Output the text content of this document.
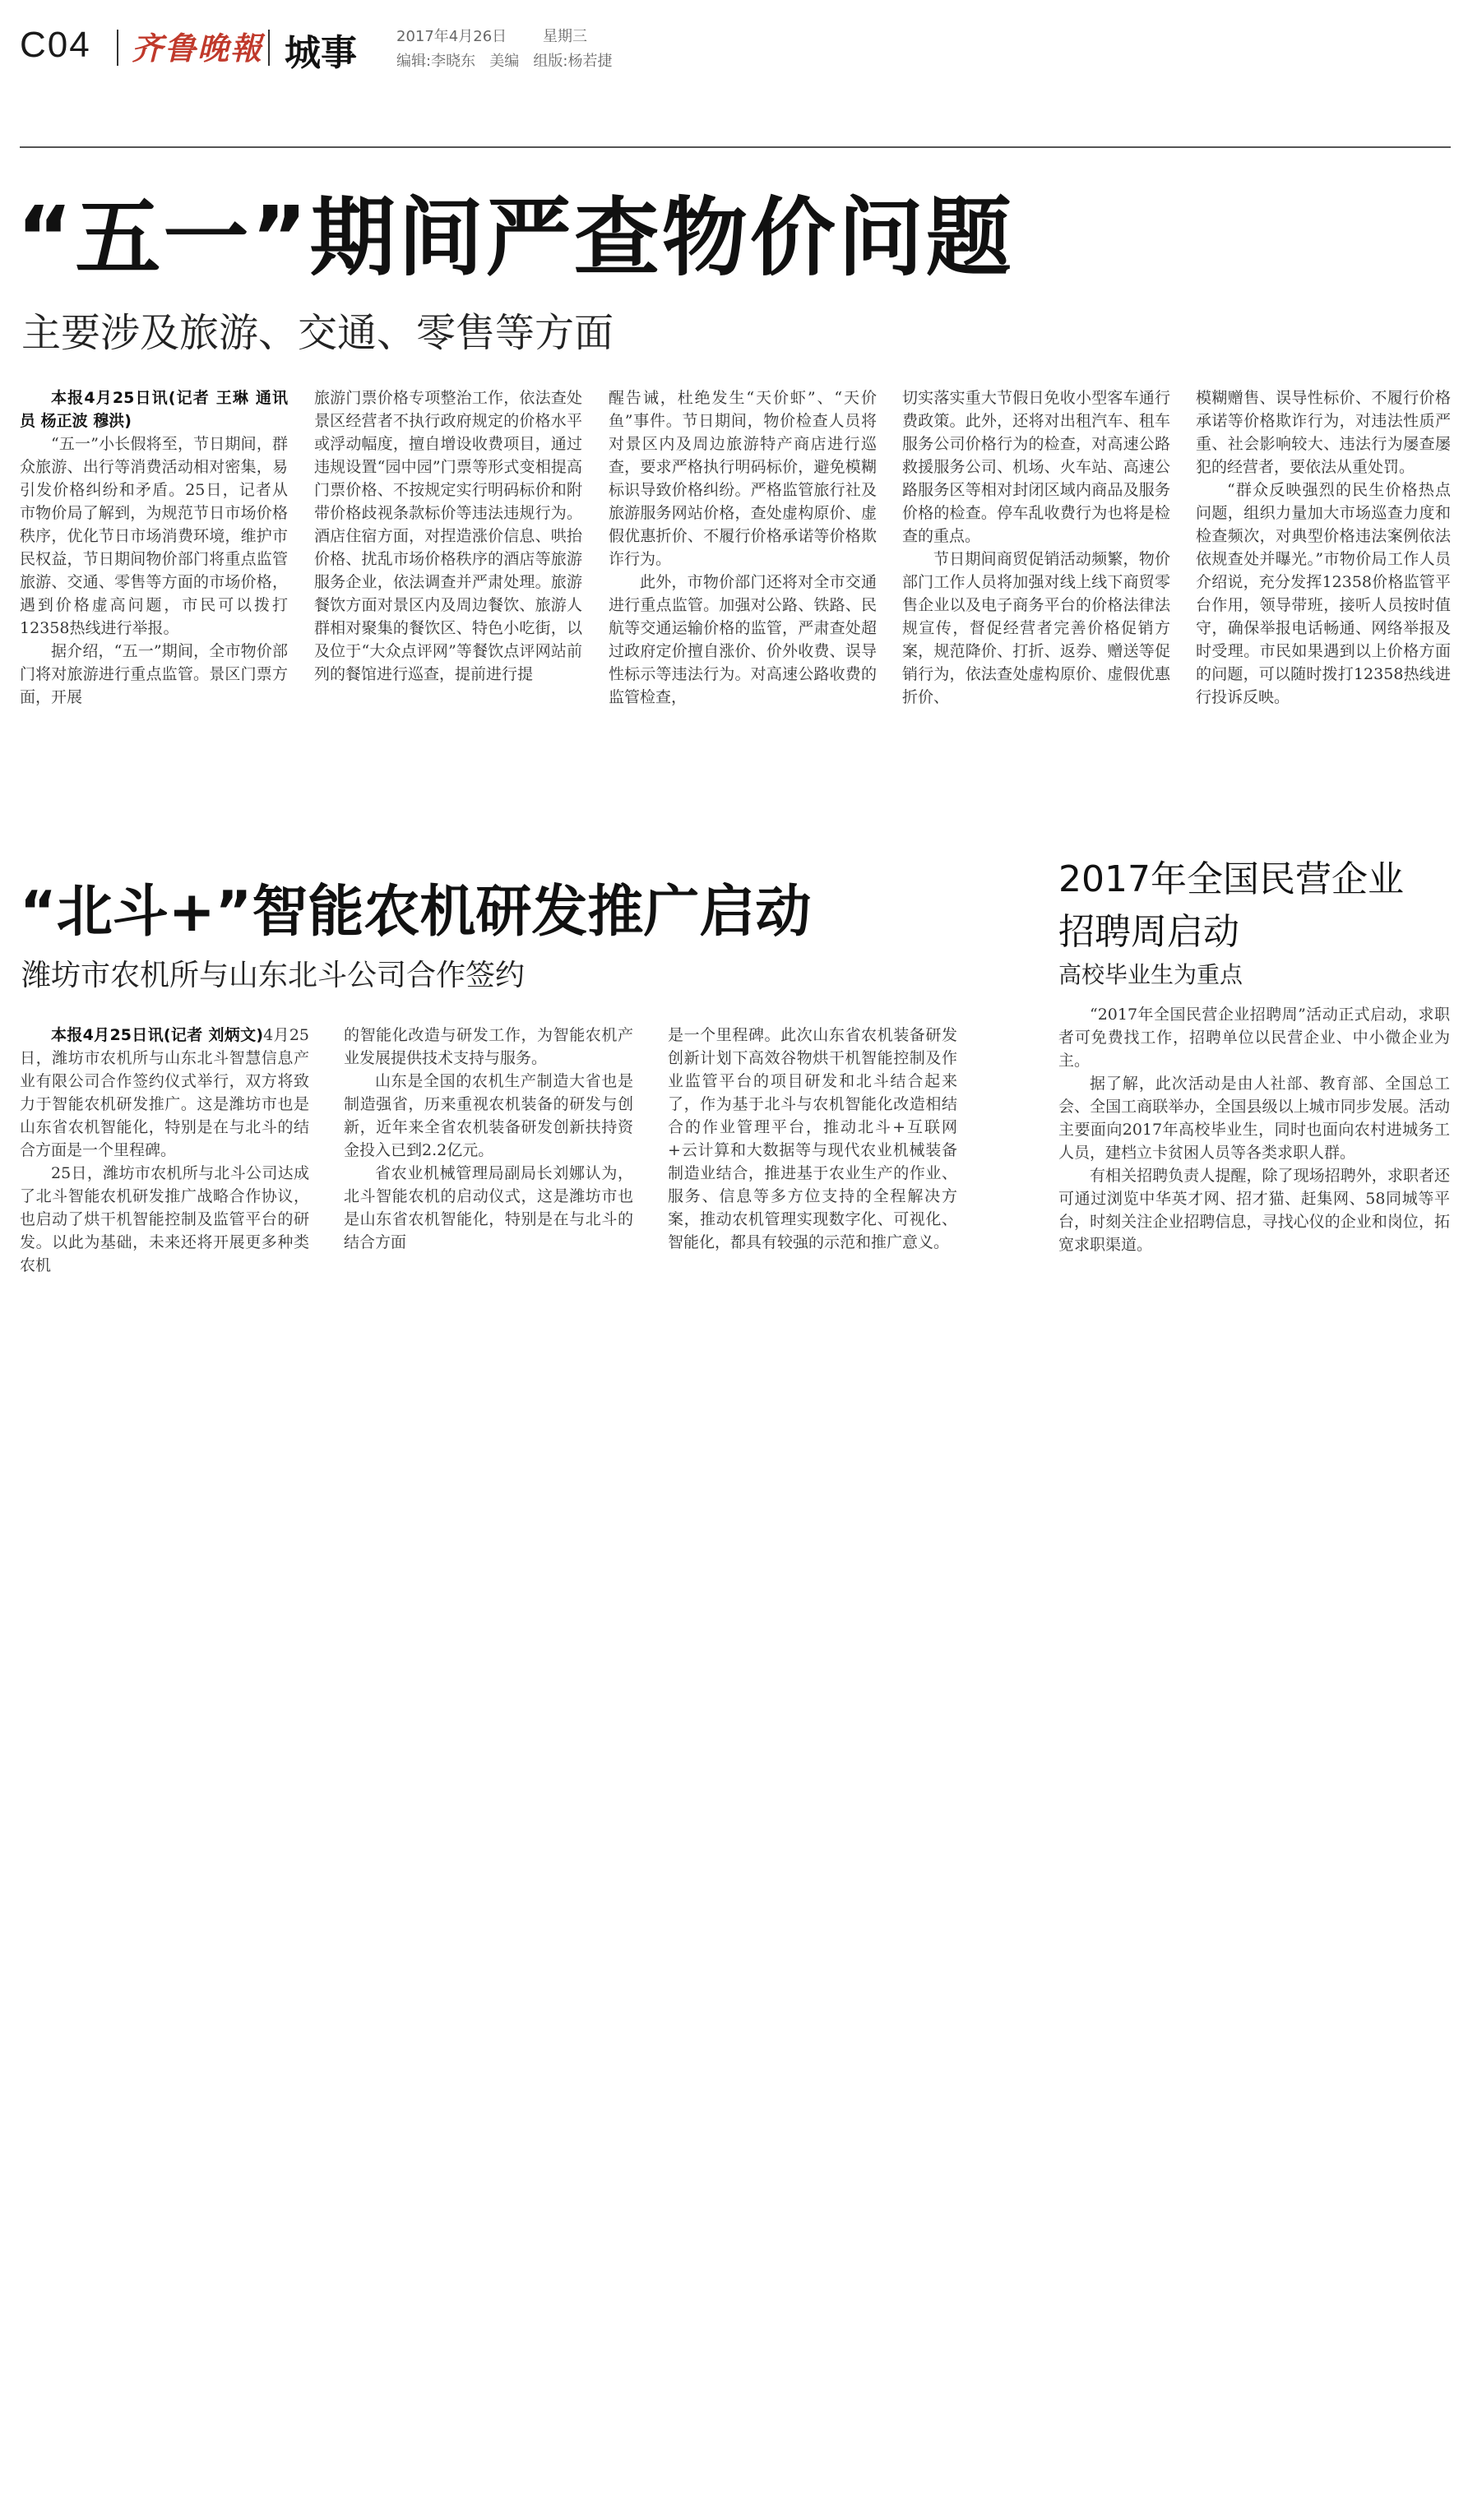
C04 齐鲁晚報 城事	2017年4月26日 星期三
编辑:李晓东   美编   组版:杨若捷
“五一”期间严查物价问题
主要涉及旅游、交通、零售等方面

本报4月25日讯(记者 王琳 通讯员 杨正波 穆洪)

“五一”小长假将至，节日期间，群众旅游、出行等消费活动相对密集，易引发价格纠纷和矛盾。25日，记者从市物价局了解到，为规范节日市场价格秩序，优化节日市场消费环境，维护市民权益，节日期间物价部门将重点监管旅游、交通、零售等方面的市场价格，遇到价格虚高问题，市民可以拨打12358热线进行举报。

据介绍，“五一”期间，全市物价部门将对旅游进行重点监管。景区门票方面，开展

旅游门票价格专项整治工作，依法查处景区经营者不执行政府规定的价格水平或浮动幅度，擅自增设收费项目，通过违规设置“园中园”门票等形式变相提高门票价格、不按规定实行明码标价和附带价格歧视条款标价等违法违规行为。酒店住宿方面，对捏造涨价信息、哄抬价格、扰乱市场价格秩序的酒店等旅游服务企业，依法调查并严肃处理。旅游餐饮方面对景区内及周边餐饮、旅游人群相对聚集的餐饮区、特色小吃街，以及位于“大众点评网”等餐饮点评网站前列的餐馆进行巡查，提前进行提

醒告诫，杜绝发生“天价虾”、“天价鱼”事件。节日期间，物价检查人员将对景区内及周边旅游特产商店进行巡查，要求严格执行明码标价，避免模糊标识导致价格纠纷。严格监管旅行社及旅游服务网站价格，查处虚构原价、虚假优惠折价、不履行价格承诺等价格欺诈行为。

此外，市物价部门还将对全市交通进行重点监管。加强对公路、铁路、民航等交通运输价格的监管，严肃查处超过政府定价擅自涨价、价外收费、误导性标示等违法行为。对高速公路收费的监管检查，

切实落实重大节假日免收小型客车通行费政策。此外，还将对出租汽车、租车服务公司价格行为的检查，对高速公路救援服务公司、机场、火车站、高速公路服务区等相对封闭区域内商品及服务价格的检查。停车乱收费行为也将是检查的重点。

节日期间商贸促销活动频繁，物价部门工作人员将加强对线上线下商贸零售企业以及电子商务平台的价格法律法规宣传，督促经营者完善价格促销方案，规范降价、打折、返券、赠送等促销行为，依法查处虚构原价、虚假优惠折价、

模糊赠售、误导性标价、不履行价格承诺等价格欺诈行为，对违法性质严重、社会影响较大、违法行为屡查屡犯的经营者，要依法从重处罚。

“群众反映强烈的民生价格热点问题，组织力量加大市场巡查力度和检查频次，对典型价格违法案例依法依规查处并曝光。”市物价局工作人员介绍说，充分发挥12358价格监管平台作用，领导带班，接听人员按时值守，确保举报电话畅通、网络举报及时受理。市民如果遇到以上价格方面的问题，可以随时拨打12358热线进行投诉反映。

“北斗+”智能农机研发推广启动
潍坊市农机所与山东北斗公司合作签约

本报4月25日讯(记者 刘炳文)4月25日，潍坊市农机所与山东北斗智慧信息产业有限公司合作签约仪式举行，双方将致力于智能农机研发推广。这是潍坊市也是山东省农机智能化，特别是在与北斗的结合方面是一个里程碑。

25日，潍坊市农机所与北斗公司达成了北斗智能农机研发推广战略合作协议，也启动了烘干机智能控制及监管平台的研发。以此为基础，未来还将开展更多种类农机

的智能化改造与研发工作，为智能农机产业发展提供技术支持与服务。

山东是全国的农机生产制造大省也是制造强省，历来重视农机装备的研发与创新，近年来全省农机装备研发创新扶持资金投入已到2.2亿元。

省农业机械管理局副局长刘娜认为，北斗智能农机的启动仪式，这是潍坊市也是山东省农机智能化，特别是在与北斗的结合方面

是一个里程碑。此次山东省农机装备研发创新计划下高效谷物烘干机智能控制及作业监管平台的项目研发和北斗结合起来了，作为基于北斗与农机智能化改造相结合的作业管理平台，推动北斗+互联网+云计算和大数据等与现代农业机械装备制造业结合，推进基于农业生产的作业、服务、信息等多方位支持的全程解决方案，推动农机管理实现数字化、可视化、智能化，都具有较强的示范和推广意义。

2017年全国民营企业
招聘周启动
高校毕业生为重点

“2017年全国民营企业招聘周”活动正式启动，求职者可免费找工作，招聘单位以民营企业、中小微企业为主。

据了解，此次活动是由人社部、教育部、全国总工会、全国工商联举办，全国县级以上城市同步发展。活动主要面向2017年高校毕业生，同时也面向农村进城务工人员，建档立卡贫困人员等各类求职人群。

有相关招聘负责人提醒，除了现场招聘外，求职者还可通过浏览中华英才网、招才猫、赶集网、58同城等平台，时刻关注企业招聘信息，寻找心仪的企业和岗位，拓宽求职渠道。
